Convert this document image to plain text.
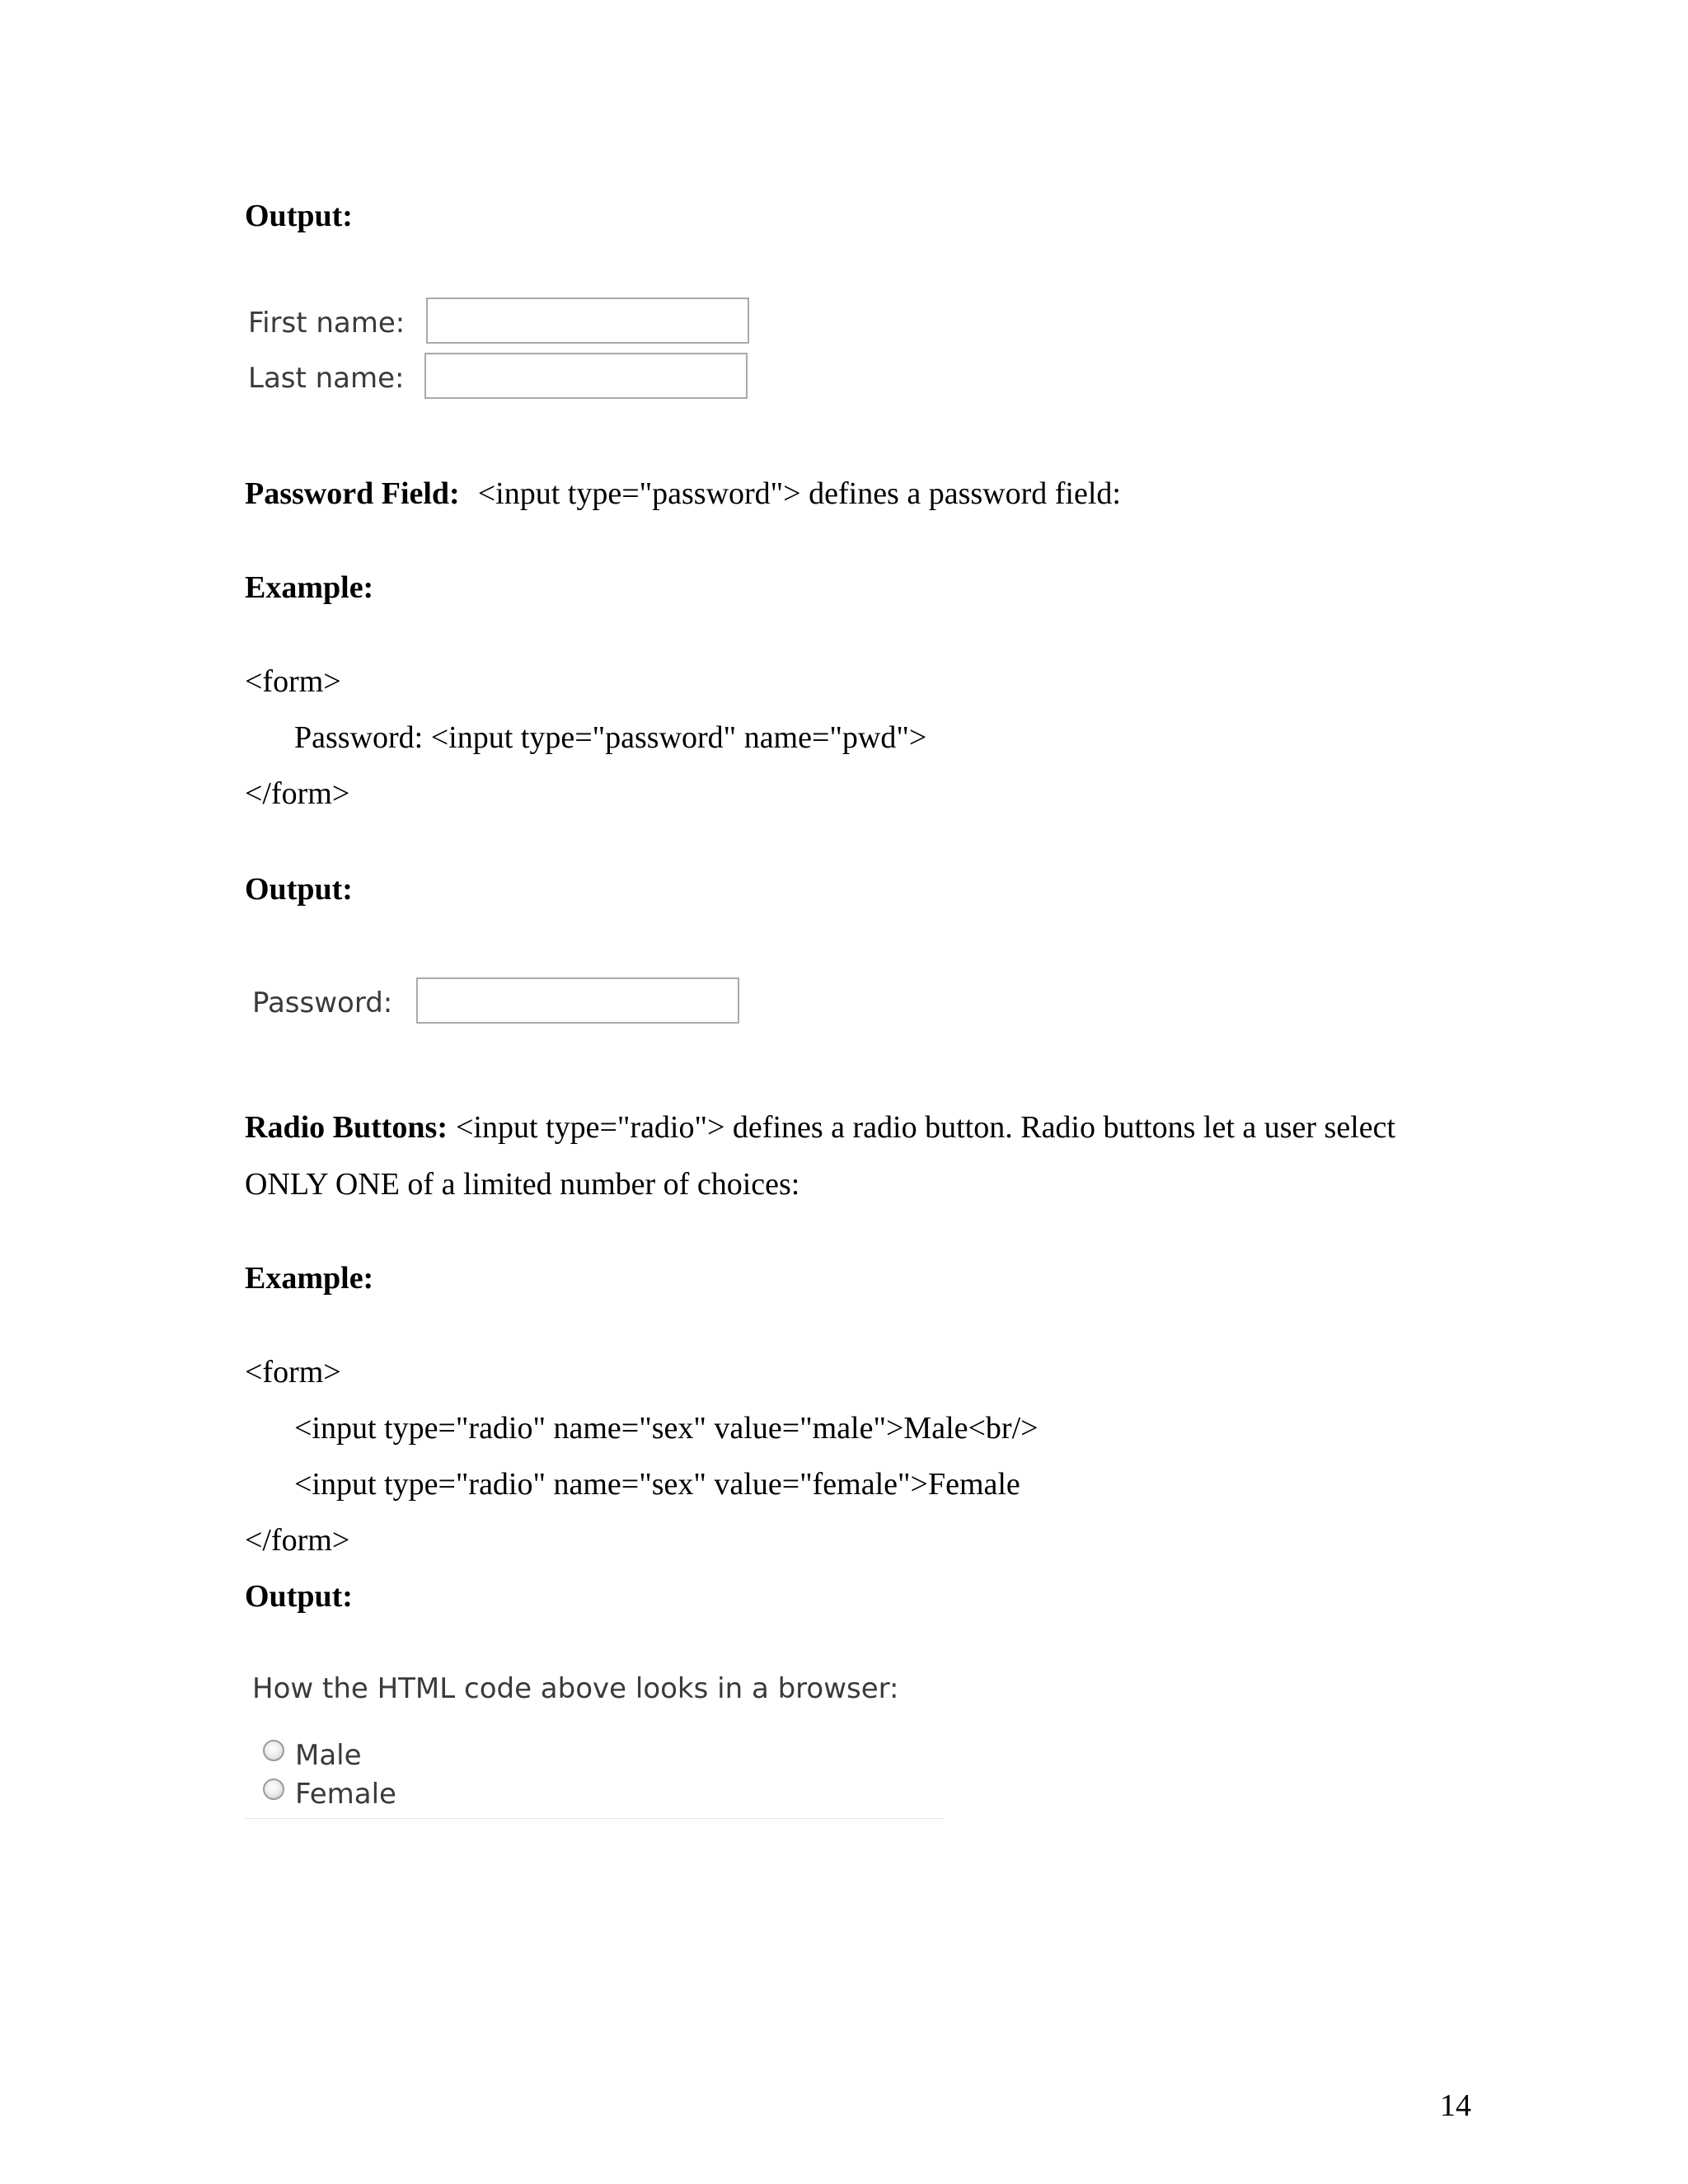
Output:
First name:
Last name:
Password Field: <input type="password"> defines a password field:
Example:
<form>
Password: <input type="password" name="pwd">
</form>
Output:
Password:
Radio Buttons: <input type="radio"> defines a radio button. Radio buttons let a user select
ONLY ONE of a limited number of choices:
Example:
<form>
<input type="radio" name="sex" value="male">Male<br/>
<input type="radio" name="sex" value="female">Female
</form>
Output:
How the HTML code above looks in a browser:
Male
Female
14
